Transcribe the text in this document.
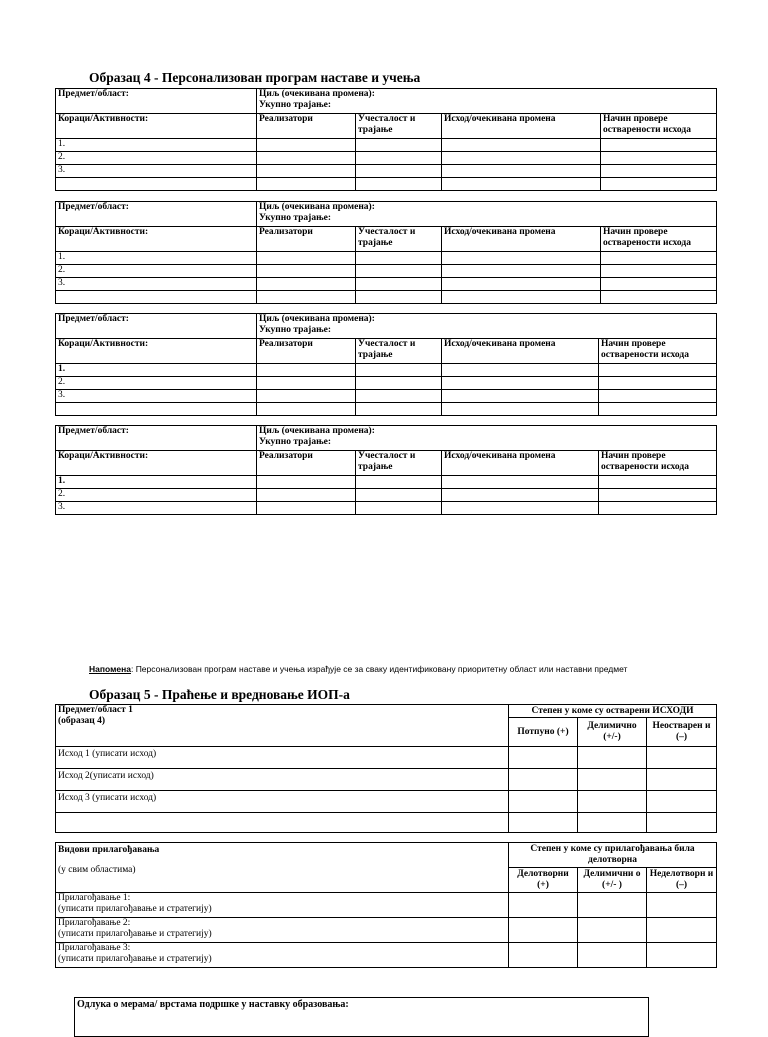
Образац 4 - Персонализован програм наставе и учења
Предмет/област:	Циљ (очекивана промена):
Укупно трајање:			

Кораци/Активности:	Реализатори	Учесталост и трајање	Исход/очекивана промена	Начин провере остварености исхода
1.				
2.				
3.				

Предмет/област:	Циљ (очекивана промена):
Укупно трајање:			

Кораци/Активности:	Реализатори	Учесталост и трајање	Исход/очекивана промена	Начин провере остварености исхода
1.				
2.				
3.				

Предмет/област:	Циљ (очекивана промена):
Укупно трајање:			

Кораци/Активности:	Реализатори	Учесталост и трајање	Исход/очекивана промена	Начин провере остварености исхода
1.				
2.				
3.				

Предмет/област:	Циљ (очекивана промена):
Укупно трајање:			

Кораци/Активности:	Реализатори	Учесталост и трајање	Исход/очекивана промена	Начин провере остварености исхода
1.				
2.				
3.				
Напомена: Персонализован програм наставе и учења израђује се за сваку идентификовану приоритетну област или наставни предмет
Образац 5 - Праћење и вредновање ИОП-а
Предмет/област 1
(образац 4)	Степен у коме су остварени ИСХОДИ		
	Потпуно (+)	Делимично (+/-)	Неостварен и (–)
Исход 1 (уписати исход)			
Исход 2(уписати исход)			
Исход 3 (уписати исход)			

Видови прилагођавања
(у свим областима)	Степен у коме су прилагођавања била делотворна		
	Делотворни (+)	Делимични о (+/- )	Неделотворн и (–)

Прилагођавање 1:
(уписати прилагођавање и стратегију)			

Прилагођавање 2:
(уписати прилагођавање и стратегију)			

Прилагођавање 3:
(уписати прилагођавање и стратегију)			

Одлука о мерама/ врстама подршке у наставку образовања:
